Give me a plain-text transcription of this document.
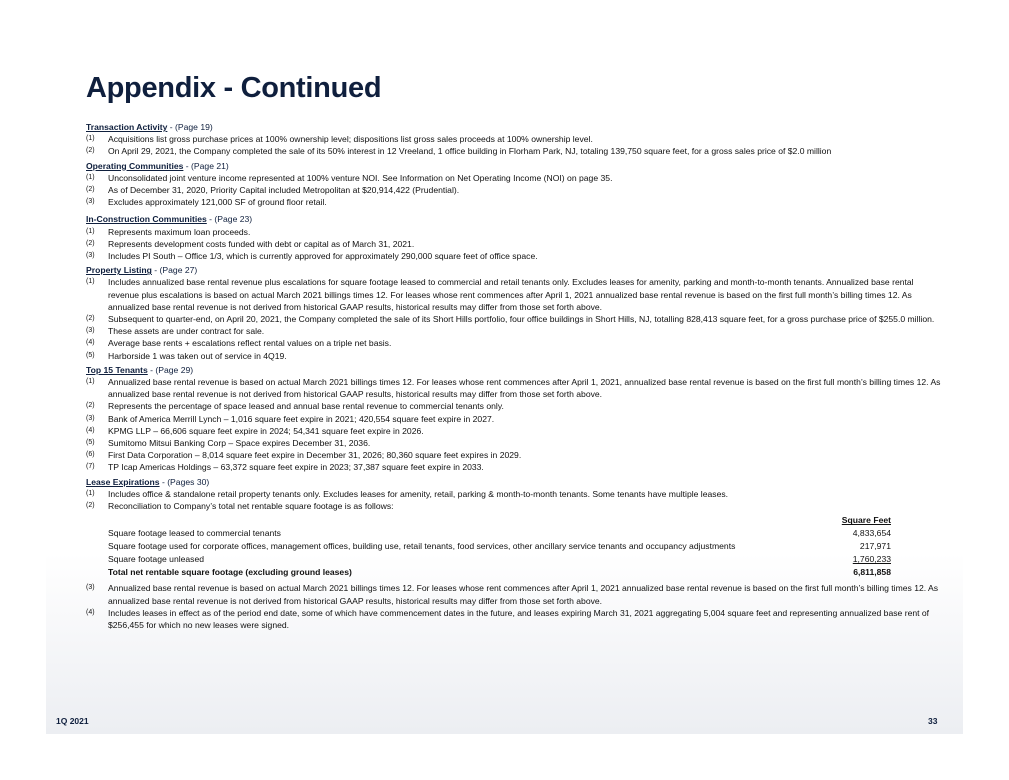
Appendix - Continued
Transaction Activity - (Page 19)
(1)	Acquisitions list gross purchase prices at 100% ownership level; dispositions list gross sales proceeds at 100% ownership level.
(2)	On April 29, 2021, the Company completed the sale of its 50% interest in 12 Vreeland, 1 office building in Florham Park, NJ, totaling 139,750 square feet, for a gross sales price of $2.0 million
Operating Communities - (Page 21)
(1)	Unconsolidated joint venture income represented at 100% venture NOI. See Information on Net Operating Income (NOI) on page 35.
(2)	As of December 31, 2020, Priority Capital included Metropolitan at $20,914,422 (Prudential).
(3)	Excludes approximately 121,000 SF of ground floor retail.
In-Construction Communities - (Page 23)
(1)	Represents maximum loan proceeds.
(2)	Represents development costs funded with debt or capital as of March 31, 2021.
(3)	Includes PI South – Office 1/3, which is currently approved for approximately 290,000 square feet of office space.
Property Listing - (Page 27)
(1)	Includes annualized base rental revenue plus escalations for square footage leased to commercial and retail tenants only. Excludes leases for amenity, parking and month-to-month tenants. Annualized base rental revenue plus escalations is based on actual March 2021 billings times 12. For leases whose rent commences after April 1, 2021 annualized base rental revenue is based on the first full month’s billing times 12. As annualized base rental revenue is not derived from historical GAAP results, historical results may differ from those set forth above.
(2)	Subsequent to quarter-end, on April 20, 2021, the Company completed the sale of its Short Hills portfolio, four office buildings in Short Hills, NJ, totalling 828,413 square feet, for a gross purchase price of $255.0 million.
(3)	These assets are under contract for sale.
(4)	Average base rents + escalations reflect rental values on a triple net basis.
(5)	Harborside 1 was taken out of service in 4Q19.
Top 15 Tenants - (Page 29)
(1)	Annualized base rental revenue is based on actual March 2021 billings times 12. For leases whose rent commences after April 1, 2021, annualized base rental revenue is based on the first full month’s billing times 12. As annualized base rental revenue is not derived from historical GAAP results, historical results may differ from those set forth above.
(2)	Represents the percentage of space leased and annual base rental revenue to commercial tenants only.
(3)	Bank of America Merrill Lynch – 1,016 square feet expire in 2021; 420,554 square feet expire in 2027.
(4)	KPMG LLP – 66,606 square feet expire in 2024; 54,341 square feet expire in 2026.
(5)	Sumitomo Mitsui Banking Corp – Space expires December 31, 2036.
(6)	First Data Corporation – 8,014 square feet expire in December 31, 2026; 80,360 square feet expires in 2029.
(7)	TP Icap Americas Holdings – 63,372 square feet expire in 2023; 37,387 square feet expire in 2033.
Lease Expirations - (Pages 30)
(1)	Includes office & standalone retail property tenants only. Excludes leases for amenity, retail, parking & month-to-month tenants. Some tenants have multiple leases.
(2)	Reconciliation to Company’s total net rentable square footage is as follows:
	Square Feet
Square footage leased to commercial tenants	4,833,654
Square footage used for corporate offices, management offices, building use, retail tenants, food services, other ancillary service tenants and occupancy adjustments	217,971
Square footage unleased	1,760,233
Total net rentable square footage (excluding ground leases)	6,811,858
(3)	Annualized base rental revenue is based on actual March 2021 billings times 12. For leases whose rent commences after April 1, 2021 annualized base rental revenue is based on the first full month’s billing times 12. As annualized base rental revenue is not derived from historical GAAP results, historical results may differ from those set forth above.
(4)	Includes leases in effect as of the period end date, some of which have commencement dates in the future, and leases expiring March 31, 2021 aggregating 5,004 square feet and representing annualized base rent of $256,455 for which no new leases were signed.
1Q 2021	33
